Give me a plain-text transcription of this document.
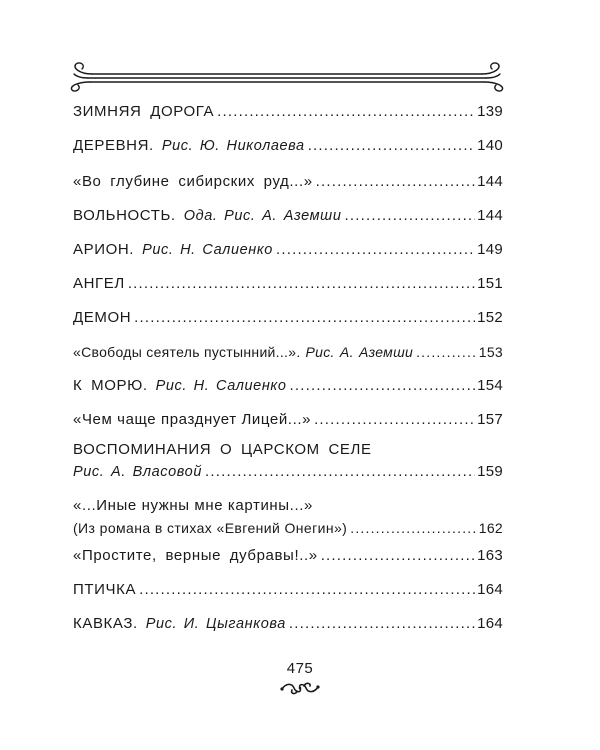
ЗИМНЯЯ ДОРОГА .....	139
ДЕРЕВНЯ. Рис. Ю. Николаева .....	140
«Во глубине сибирских руд...» .....	144
ВОЛЬНОСТЬ. Ода. Рис. А. Аземши .....	144
АРИОН. Рис. Н. Салиенко .....	149
АНГЕЛ .....	151
ДЕМОН .....	152
«Свободы сеятель пустынний...». Рис. А. Аземши .....	153
К МОРЮ. Рис. Н. Салиенко .....	154
«Чем чаще празднует Лицей...» .....	157
ВОСПОМИНАНИЯ О ЦАРСКОМ СЕЛЕ
Рис. А. Власовой .....	159
«...Иные нужны мне картины...»
(Из романа в стихах «Евгений Онегин») .....	162
«Простите, верные дубравы!..» .....	163
ПТИЧКА .....	164
КАВКАЗ. Рис. И. Цыганкова .....	164
475
